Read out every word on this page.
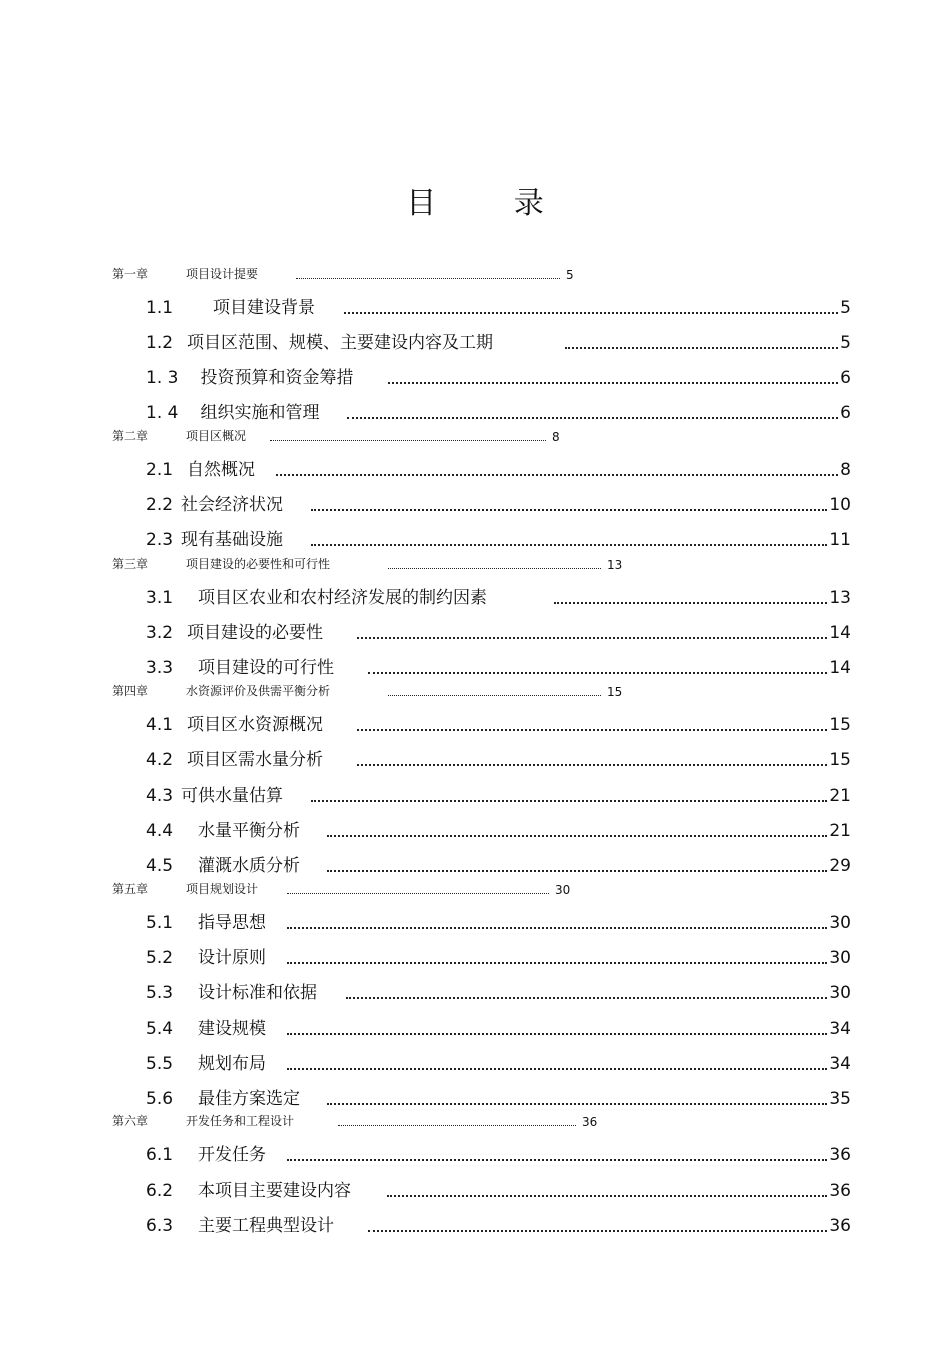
目 录
第一章	项目设计提要	5
1.1 项目建设背景	5
1.2 项目区范围、规模、主要建设内容及工期	5
1. 3 投资预算和资金筹措	6
1. 4 组织实施和管理	6
第二章	项目区概况	8
2.1 自然概况	8
2.2 社会经济状况	10
2.3 现有基础设施	11
第三章	项目建设的必要性和可行性	13
3.1 项目区农业和农村经济发展的制约因素	13
3.2 项目建设的必要性	14
3.3 项目建设的可行性	14
第四章	水资源评价及供需平衡分析	15
4.1 项目区水资源概况	15
4.2 项目区需水量分析	15
4.3 可供水量估算	21
4.4 水量平衡分析	21
4.5 灌溉水质分析	29
第五章	项目规划设计	30
5.1 指导思想	30
5.2 设计原则	30
5.3 设计标准和依据	30
5.4 建设规模	34
5.5 规划布局	34
5.6 最佳方案选定	35
第六章	开发任务和工程设计	36
6.1 开发任务	36
6.2 本项目主要建设内容	36
6.3 主要工程典型设计	36
